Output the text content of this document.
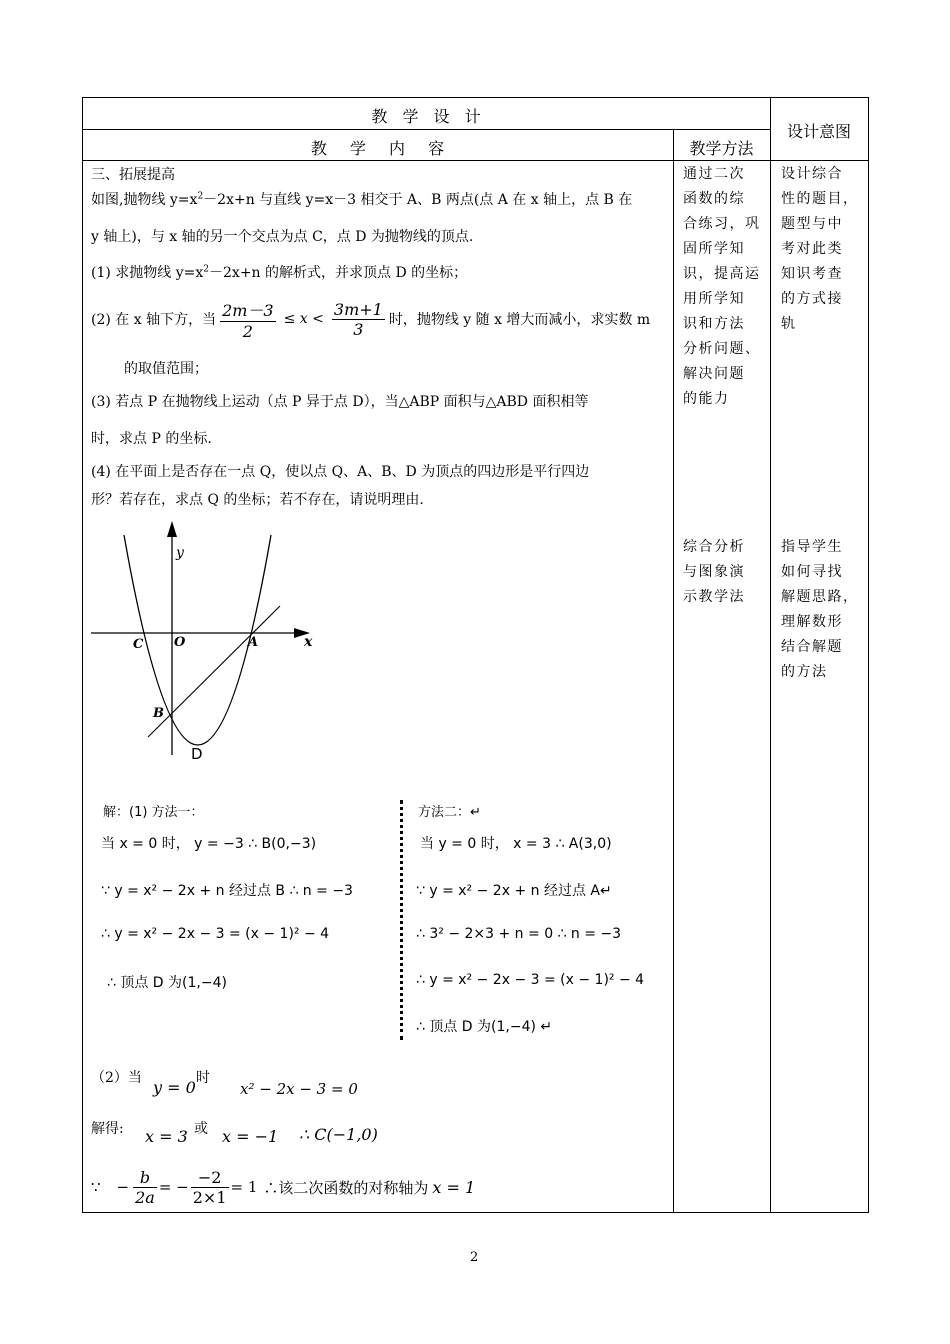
教 学 设 计
设计意图
教 学 内 容	教学方法
三、拓展提高
如图,抛物线 $y=x^2-2x+n$ 与直线 y=x－3 相交于 A、B 两点(点 A 在 x 轴上，点 B 在
y 轴上)，与 x 轴的另一个交点为点 C，点 D 为抛物线的顶点.
(1) 求抛物线 $y=x^2-2x+n$ 的解析式，并求顶点 D 的坐标；
(2) 在 x 轴下方，当 $\frac{2m-3}{2} \le x < \frac{3m+1}{3}$ 时，抛物线 y 随 x 增大而减小，求实数 m
的取值范围；
(3) 若点 P 在抛物线上运动（点 P 异于点 D），当△ABP 面积与△ABD 面积相等
时，求点 P 的坐标.
(4) 在平面上是否存在一点 Q，使以点 Q、A、B、D 为顶点的四边形是平行四边
形？若存在，求点 Q 的坐标；若不存在，请说明理由.
y
x
O
C	A
B
D
通过二次
函数的综
合练习，巩
固所学知
识，提高运
用所学知
识和方法
分析问题、
解决问题
的能力
综合分析
与图象演
示教学法
设计综合
性的题目，
题型与中
考对此类
知识考查
的方式接
轨
指导学生
如何寻找
解题思路，
理解数形
结合解题
的方法
解：(1) 方法一：
当 x = 0 时， y = −3 ∴ B(0,−3)
∵ y = x² − 2x + n 经过点 B ∴ n = −3
∴ y = x² − 2x − 3 = (x − 1)² − 4
∴ 顶点 D 为(1,−4)
方法二：↵
当 y = 0 时， x = 3 ∴ A(3,0)
∵ y = x² − 2x + n 经过点 A↵
∴ 3² − 2×3 + n = 0 ∴ n = −3
∴ y = x² − 2x − 3 = (x − 1)² − 4
∴ 顶点 D 为(1,−4) ↵
（2）当 y = 0 时
x² − 2x − 3 = 0
解得: x = 3 或 x = −1 ∴ C(−1,0)
∵ − $\frac{b}{2a}$ = − $\frac{-2}{2\times 1} = 1$ ∴该二次函数的对称轴为 x = 1
2
